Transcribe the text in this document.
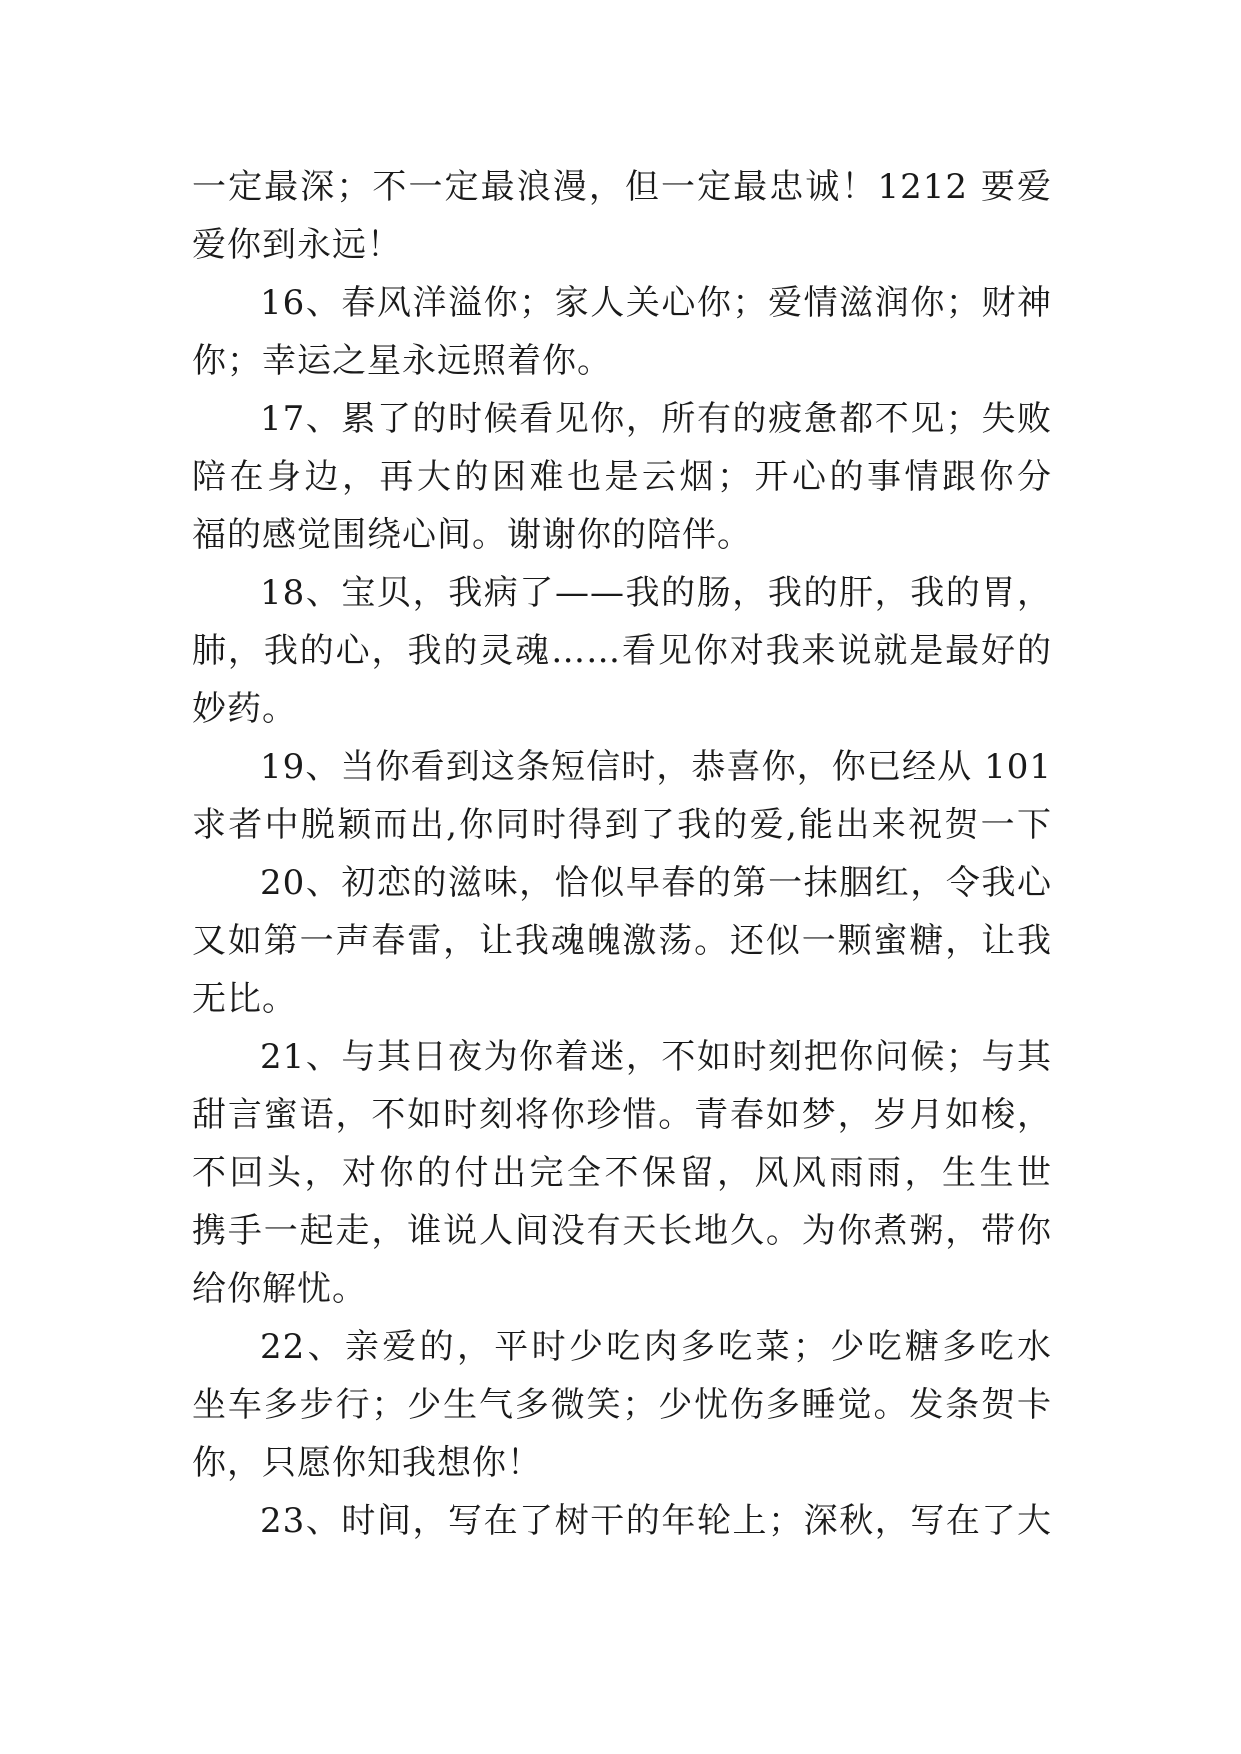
一定最深；不一定最浪漫，但一定最忠诚！1212 要爱
爱你到永远！
16、春风洋溢你；家人关心你；爱情滋润你；财神
你；幸运之星永远照着你。
17、累了的时候看见你，所有的疲惫都不见；失败
陪在身边，再大的困难也是云烟；开心的事情跟你分
福的感觉围绕心间。谢谢你的陪伴。
18、宝贝，我病了——我的肠，我的肝，我的胃，
肺，我的心，我的灵魂……看见你对我来说就是最好的
妙药。
19、当你看到这条短信时，恭喜你，你已经从 101
求者中脱颖而出,你同时得到了我的爱,能出来祝贺一下
20、初恋的滋味，恰似早春的第一抹胭红，令我心
又如第一声春雷，让我魂魄激荡。还似一颗蜜糖，让我
无比。
21、与其日夜为你着迷，不如时刻把你问候；与其
甜言蜜语，不如时刻将你珍惜。青春如梦，岁月如梭，
不回头，对你的付出完全不保留，风风雨雨，生生世
携手一起走，谁说人间没有天长地久。为你煮粥，带你
给你解忧。
22、亲爱的，平时少吃肉多吃菜；少吃糖多吃水
坐车多步行；少生气多微笑；少忧伤多睡觉。发条贺卡
你，只愿你知我想你！
23、时间，写在了树干的年轮上；深秋，写在了大
